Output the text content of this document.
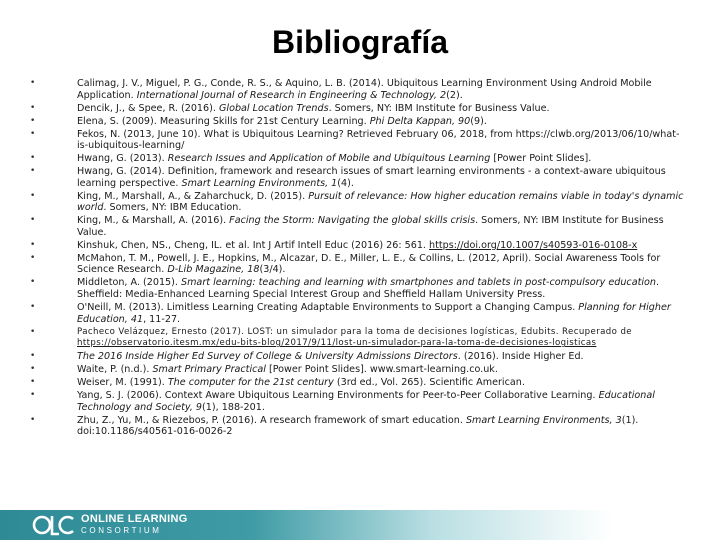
Bibliografía
• Calimag, J. V., Miguel, P. G., Conde, R. S., & Aquino, L. B. (2014). Ubiquitous Learning Environment Using Android Mobile Application. International Journal of Research in Engineering & Technology, 2(2).
• Dencik, J., & Spee, R. (2016). Global Location Trends. Somers, NY: IBM Institute for Business Value.
• Elena, S. (2009). Measuring Skills for 21st Century Learning. Phi Delta Kappan, 90(9).
• Fekos, N. (2013, June 10). What is Ubiquitous Learning? Retrieved February 06, 2018, from https://clwb.org/2013/06/10/what-is-ubiquitous-learning/
• Hwang, G. (2013). Research Issues and Application of Mobile and Ubiquitous Learning [Power Point Slides].
• Hwang, G. (2014). Definition, framework and research issues of smart learning environments - a context-aware ubiquitous learning perspective. Smart Learning Environments, 1(4).
• King, M., Marshall, A., & Zaharchuck, D. (2015). Pursuit of relevance: How higher education remains viable in today's dynamic world. Somers, NY: IBM Education.
• King, M., & Marshall, A. (2016). Facing the Storm: Navigating the global skills crisis. Somers, NY: IBM Institute for Business Value.
• Kinshuk, Chen, NS., Cheng, IL. et al. Int J Artif Intell Educ (2016) 26: 561. https://doi.org/10.1007/s40593-016-0108-x
• McMahon, T. M., Powell, J. E., Hopkins, M., Alcazar, D. E., Miller, L. E., & Collins, L. (2012, April). Social Awareness Tools for Science Research. D-Lib Magazine, 18(3/4).
• Middleton, A. (2015). Smart learning: teaching and learning with smartphones and tablets in post-compulsory education. Sheffield: Media-Enhanced Learning Special Interest Group and Sheffield Hallam University Press.
• O'Neill, M. (2013). Limitless Learning Creating Adaptable Environments to Support a Changing Campus. Planning for Higher Education, 41, 11-27.
• Pacheco Velázquez, Ernesto (2017). LOST: un simulador para la toma de decisiones logísticas, Edubits. Recuperado de https://observatorio.itesm.mx/edu-bits-blog/2017/9/11/lost-un-simulador-para-la-toma-de-decisiones-logisticas
• The 2016 Inside Higher Ed Survey of College & University Admissions Directors. (2016). Inside Higher Ed.
• Waite, P. (n.d.). Smart Primary Practical [Power Point Slides]. www.smart-learning.co.uk.
• Weiser, M. (1991). The computer for the 21st century (3rd ed., Vol. 265). Scientific American.
• Yang, S. J. (2006). Context Aware Ubiquitous Learning Environments for Peer-to-Peer Collaborative Learning. Educational Technology and Society, 9(1), 188-201.
• Zhu, Z., Yu, M., & Riezebos, P. (2016). A research framework of smart education. Smart Learning Environments, 3(1). doi:10.1186/s40561-016-0026-2
ONLINE LEARNING
CONSORTIUM
